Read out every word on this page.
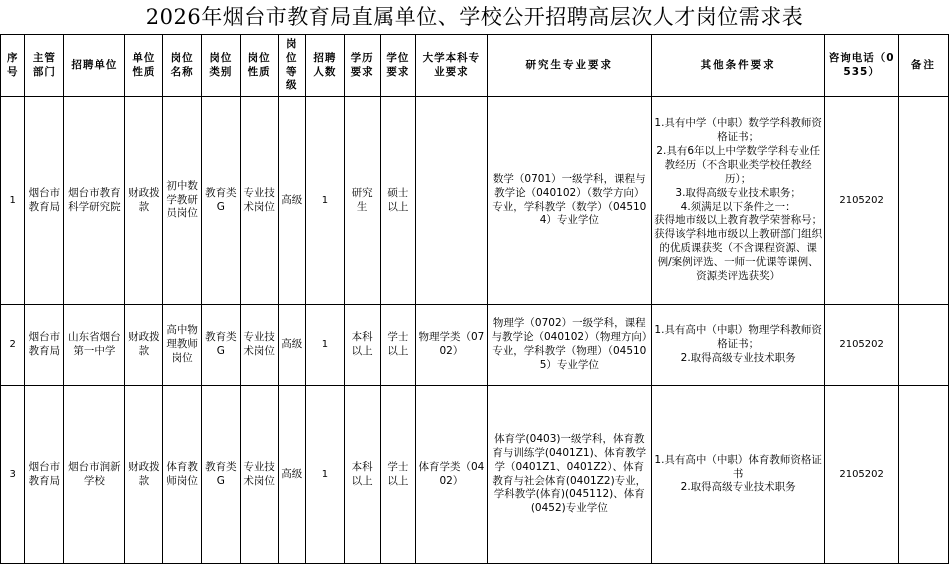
2026年烟台市教育局直属单位、学校公开招聘高层次人才岗位需求表
序号	主管部门	招聘单位	单位性质	岗位名称	岗位类别	岗位性质	岗位等级	招聘人数	学历要求	学位要求	大学本科专业要求	研究生专业要求	其他条件要求	咨询电话（0535）	备注
1	烟台市教育局	烟台市教育科学研究院	财政拨款	初中数学教研员岗位	教育类G	专业技术岗位	高级	1	研究生	硕士以上		数学（0701）一级学科，课程与教学论（040102）（数学方向）专业，学科教学（数学）（045104）专业学位	1.具有中学（中职）数学学科教师资格证书；
2.具有6年以上中学数学学科专业任教经历（不含职业类学校任教经历）；
3.取得高级专业技术职务；
4.须满足以下条件之一：
获得地市级以上教育教学荣誉称号；获得该学科地市级以上教研部门组织的优质课获奖（不含课程资源、课例/案例评选、一师一优课等课例、资源类评选获奖）	2105202	
2	烟台市教育局	山东省烟台第一中学	财政拨款	高中物理教师岗位	教育类G	专业技术岗位	高级	1	本科以上	学士以上	物理学类（0702）	物理学（0702）一级学科，课程与教学论（040102）（物理方向）专业，学科教学（物理）（045105）专业学位	1.具有高中（中职）物理学科教师资格证书；
2.取得高级专业技术职务	2105202	
3	烟台市教育局	烟台市润新学校	财政拨款	体育教师岗位	教育类G	专业技术岗位	高级	1	本科以上	学士以上	体育学类（0402）	体育学(0403)一级学科，体育教育与训练学(0401Z1)、体育教学学（0401Z1、0401Z2）、体育教育与社会体育(0401Z2)专业，学科教学(体育)(045112)、体育(0452)专业学位	1.具有高中（中职）体育教师资格证书
2.取得高级专业技术职务	2105202	
